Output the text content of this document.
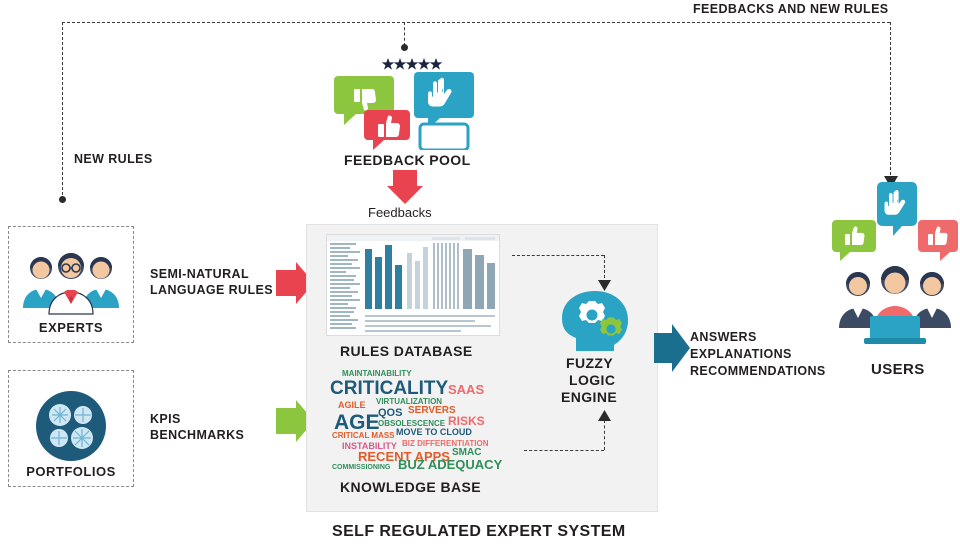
FEEDBACKS AND NEW RULES
NEW RULES	FEEDBACK POOL
Feedbacks
EXPERTS
SEMI-NATURAL
LANGUAGE RULES
PORTFOLIOS
KPIS
BENCHMARKS
RULES DATABASE
MAINTAINABILITY
CRITICALITY SAAS
AGILE VIRTUALIZATION
QOS SERVERS
AGE
OBSOLESCENCE RISKS
CRITICAL MASS MOVE TO CLOUD
INSTABILITY BIZ DIFFERENTIATION
RECENT APPS SMAC
COMMISSIONING BUZ ADEQUACY
KNOWLEDGE BASE
FUZZY
LOGIC
ENGINE
SELF REGULATED EXPERT SYSTEM
ANSWERS
EXPLANATIONS
RECOMMENDATIONS	USERS
